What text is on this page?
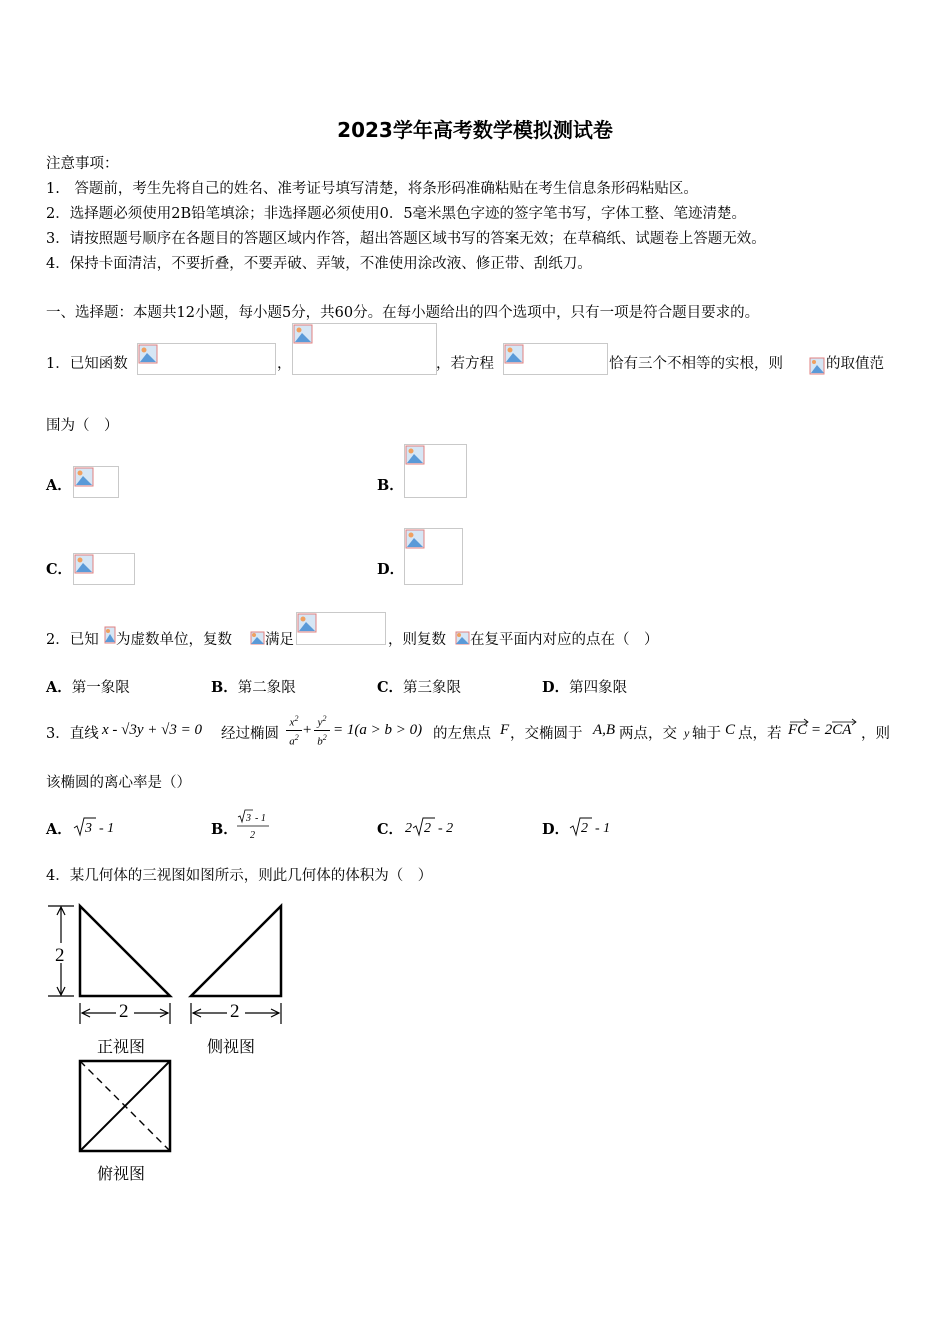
2023学年高考数学模拟测试卷
注意事项：
1.　答题前，考生先将自己的姓名、准考证号填写清楚，将条形码准确粘贴在考生信息条形码粘贴区。
2．选择题必须使用2B铅笔填涂；非选择题必须使用0．5毫米黑色字迹的签字笔书写，字体工整、笔迹清楚。
3．请按照题号顺序在各题目的答题区域内作答，超出答题区域书写的答案无效；在草稿纸、试题卷上答题无效。
4．保持卡面清洁，不要折叠，不要弄破、弄皱，不准使用涂改液、修正带、刮纸刀。
一、选择题：本题共12小题，每小题5分，共60分。在每小题给出的四个选项中，只有一项是符合题目要求的。
1．已知函数	，	，若方程	恰有三个不相等的实根，则	的取值范
围为（　）
A．	B．
C．	D．
2．已知 为虚数单位，复数 满足	，则复数 在复平面内对应的点在（　）
A．第一象限	B．第二象限	C．第三象限	D．第四象限
3．直线 x - √3y + √3 = 0 经过椭圆
$x^2$
$a^2 + y^2$
$b^2 = 1(a > b > 0)$ 的左焦点 F ，交椭圆于 A,B 两点，交 y 轴于 C 点，若 FC = 2CA ，则
该椭圆的离心率是（）
A． 3 - 1	B．
3 - 1
2	C． 2 2 - 2	D． 2 - 1
4．某几何体的三视图如图所示，则此几何体的体积为（　）
2
2	2
正视图	侧视图
俯视图
